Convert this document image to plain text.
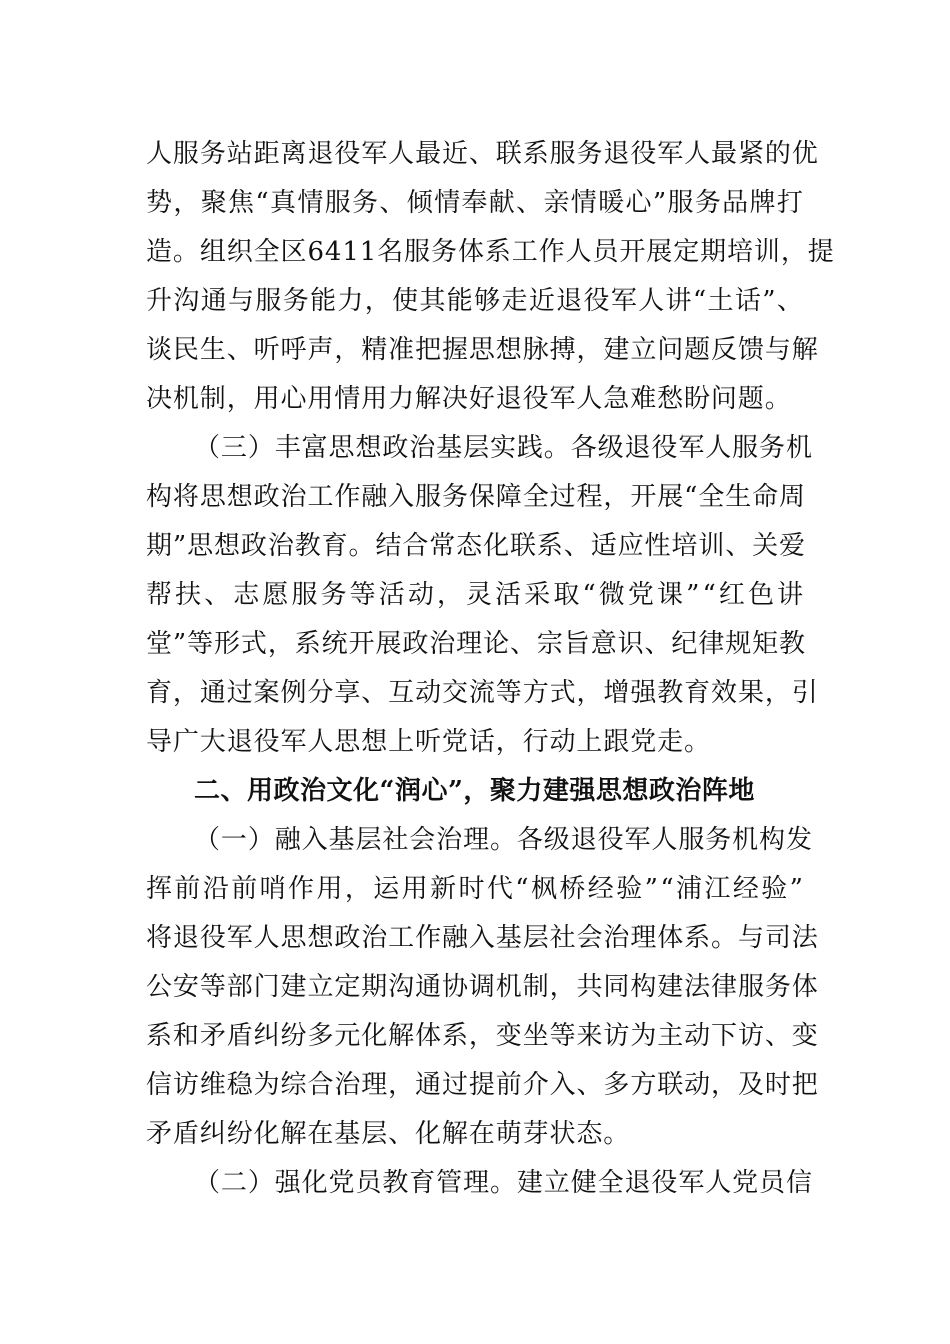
人 服 务 站 距 离 退 役 军 人 最 近 、 联 系 服 务 退 役 军 人 最 紧 的 优
势 ， 聚 焦 “ 真 情 服 务 、 倾 情 奉 献 、 亲 情 暖 心 ” 服 务 品 牌 打
造 。 组 织 全 区 6411 名 服 务 体 系 工 作 人 员 开 展 定 期 培 训 ， 提
升 沟 通 与 服 务 能 力 ， 使 其 能 够 走 近 退 役 军 人 讲 “ 土 话 ” 、
谈 民 生 、 听 呼 声 ， 精 准 把 握 思 想 脉 搏 ， 建 立 问 题 反 馈 与 解
决机制，用心用情用力解决好退役军人急难愁盼问题。
（ 三 ） 丰 富 思 想 政 治 基 层 实 践 。 各 级 退 役 军 人 服 务 机
构 将 思 想 政 治 工 作 融 入 服 务 保 障 全 过 程 ， 开 展 “ 全 生 命 周
期 ” 思 想 政 治 教 育 。 结 合 常 态 化 联 系 、 适 应 性 培 训 、 关 爱
帮 扶 、 志 愿 服 务 等 活 动 ， 灵 活 采 取 “ 微 党 课 ” “ 红 色 讲
堂 ” 等 形 式 ， 系 统 开 展 政 治 理 论 、 宗 旨 意 识 、 纪 律 规 矩 教
育 ， 通 过 案 例 分 享 、 互 动 交 流 等 方 式 ， 增 强 教 育 效 果 ， 引
导广大退役军人思想上听党话，行动上跟党走。
二、用政治文化“润心”，聚力建强思想政治阵地
（ 一 ） 融 入 基 层 社 会 治 理 。 各 级 退 役 军 人 服 务 机 构 发
挥 前 沿 前 哨 作 用 ， 运 用 新 时 代 “ 枫 桥 经 验 ” “ 浦 江 经 验 ”
将 退 役 军 人 思 想 政 治 工 作 融 入 基 层 社 会 治 理 体 系 。 与 司 法
公 安 等 部 门 建 立 定 期 沟 通 协 调 机 制 ， 共 同 构 建 法 律 服 务 体
系 和 矛 盾 纠 纷 多 元 化 解 体 系 ， 变 坐 等 来 访 为 主 动 下 访 、 变
信 访 维 稳 为 综 合 治 理 ， 通 过 提 前 介 入 、 多 方 联 动 ， 及 时 把
矛盾纠纷化解在基层、化解在萌芽状态。
（ 二 ） 强 化 党 员 教 育 管 理 。 建 立 健 全 退 役 军 人 党 员 信
